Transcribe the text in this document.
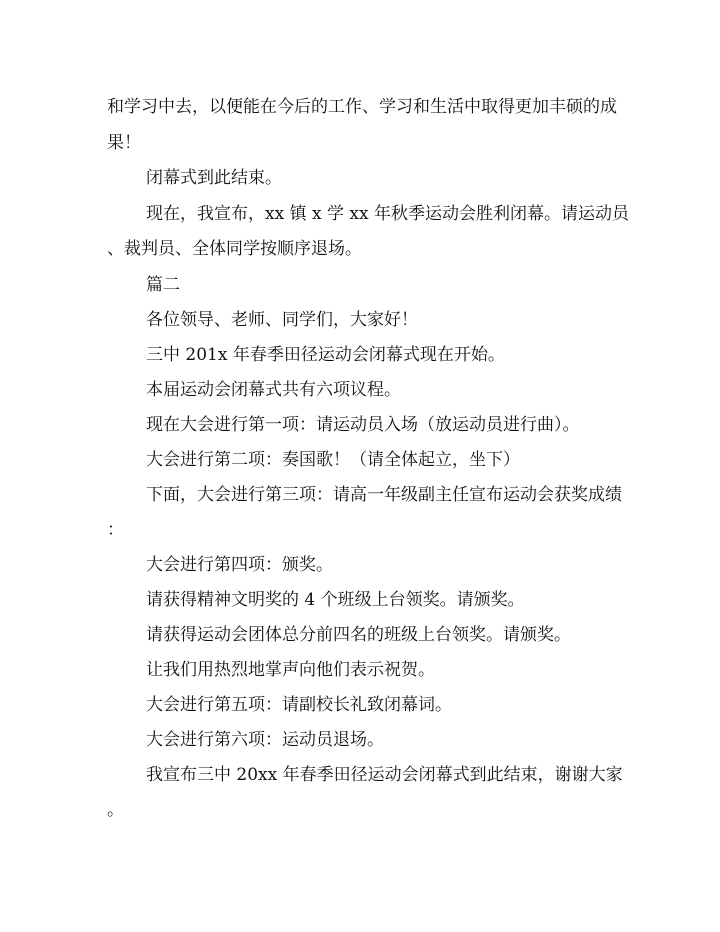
和学习中去，以便能在今后的工作、学习和生活中取得更加丰硕的成
果！
闭幕式到此结束。
现在，我宣布，xx 镇 x 学 xx 年秋季运动会胜利闭幕。请运动员
、裁判员、全体同学按顺序退场。
篇二
各位领导、老师、同学们，大家好！
三中 201x 年春季田径运动会闭幕式现在开始。
本届运动会闭幕式共有六项议程。
现在大会进行第一项：请运动员入场（放运动员进行曲）。
大会进行第二项：奏国歌！（请全体起立，坐下）
下面，大会进行第三项：请高一年级副主任宣布运动会获奖成绩
：
大会进行第四项：颁奖。
请获得精神文明奖的 4 个班级上台领奖。请颁奖。
请获得运动会团体总分前四名的班级上台领奖。请颁奖。
让我们用热烈地掌声向他们表示祝贺。
大会进行第五项：请副校长礼致闭幕词。
大会进行第六项：运动员退场。
我宣布三中 20xx 年春季田径运动会闭幕式到此结束，谢谢大家
。
